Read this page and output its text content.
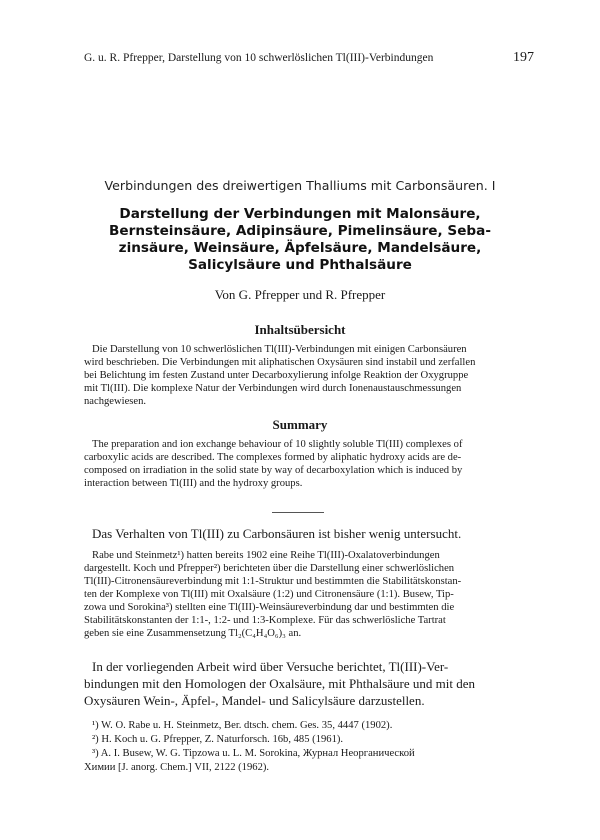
G. u. R. Pfrepper, Darstellung von 10 schwerlöslichen Tl(III)-Verbindungen	197
Verbindungen des dreiwertigen Thalliums mit Carbonsäuren. I
Darstellung der Verbindungen mit Malonsäure,
Bernsteinsäure, Adipinsäure, Pimelinsäure, Seba-
zinsäure, Weinsäure, Äpfelsäure, Mandelsäure,
Salicylsäure und Phthalsäure
Von G. Pfrepper und R. Pfrepper
Inhaltsübersicht
Die Darstellung von 10 schwerlöslichen Tl(III)-Verbindungen mit einigen Carbonsäuren
wird beschrieben. Die Verbindungen mit aliphatischen Oxysäuren sind instabil und zerfallen
bei Belichtung im festen Zustand unter Decarboxylierung infolge Reaktion der Oxygruppe
mit Tl(III). Die komplexe Natur der Verbindungen wird durch Ionenaustauschmessungen
nachgewiesen.
Summary
The preparation and ion exchange behaviour of 10 slightly soluble Tl(III) complexes of
carboxylic acids are described. The complexes formed by aliphatic hydroxy acids are de-
composed on irradiation in the solid state by way of decarboxylation which is induced by
interaction between Tl(III) and the hydroxy groups.
Das Verhalten von Tl(III) zu Carbonsäuren ist bisher wenig untersucht.
Rabe und Steinmetz¹) hatten bereits 1902 eine Reihe Tl(III)-Oxalatoverbindungen
dargestellt. Koch und Pfrepper²) berichteten über die Darstellung einer schwerlöslichen
Tl(III)-Citronensäureverbindung mit 1:1-Struktur und bestimmten die Stabilitätskonstan-
ten der Komplexe von Tl(III) mit Oxalsäure (1:2) und Citronensäure (1:1). Busew, Tip-
zowa und Sorokina³) stellten eine Tl(III)-Weinsäureverbindung dar und bestimmten die
Stabilitätskonstanten der 1:1-, 1:2- und 1:3-Komplexe. Für das schwerlösliche Tartrat
geben sie eine Zusammensetzung Tl₂(C₄H₄O₆)₃ an.
In der vorliegenden Arbeit wird über Versuche berichtet, Tl(III)-Ver-
bindungen mit den Homologen der Oxalsäure, mit Phthalsäure und mit den
Oxysäuren Wein-, Äpfel-, Mandel- und Salicylsäure darzustellen.
¹) W. O. Rabe u. H. Steinmetz, Ber. dtsch. chem. Ges. 35, 4447 (1902).
²) H. Koch u. G. Pfrepper, Z. Naturforsch. 16b, 485 (1961).
³) A. I. Busew, W. G. Tipzowa u. L. M. Sorokina, Журнал Неорганической
Химии [J. anorg. Chem.] VII, 2122 (1962).
